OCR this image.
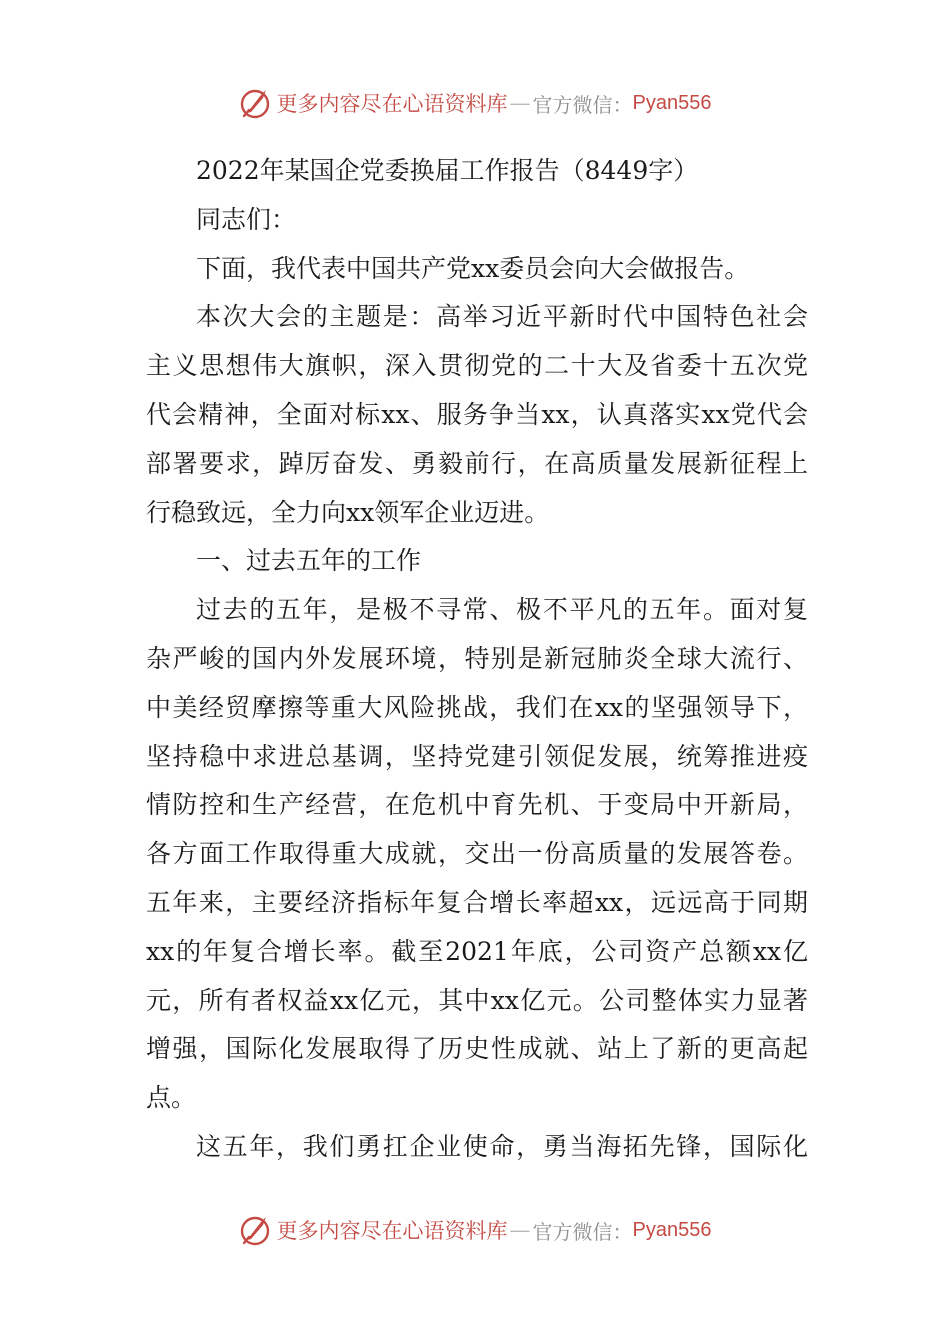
更多内容尽在心语资料库 — 官方微信： Pyan556
2022年某国企党委换届工作报告（8449字）
同志们：
下面，我代表中国共产党xx委员会向大会做报告。
本次大会的主题是：高举习近平新时代中国特色社会
主义思想伟大旗帜，深入贯彻党的二十大及省委十五次党
代会精神，全面对标xx、服务争当xx，认真落实xx党代会
部署要求，踔厉奋发、勇毅前行，在高质量发展新征程上
行稳致远，全力向xx领军企业迈进。
一、过去五年的工作
过去的五年，是极不寻常、极不平凡的五年。面对复
杂严峻的国内外发展环境，特别是新冠肺炎全球大流行、
中美经贸摩擦等重大风险挑战，我们在xx的坚强领导下，
坚持稳中求进总基调，坚持党建引领促发展，统筹推进疫
情防控和生产经营，在危机中育先机、于变局中开新局，
各方面工作取得重大成就，交出一份高质量的发展答卷。
五年来，主要经济指标年复合增长率超xx，远远高于同期
xx的年复合增长率。截至2021年底，公司资产总额xx亿
元，所有者权益xx亿元，其中xx亿元。公司整体实力显著
增强，国际化发展取得了历史性成就、站上了新的更高起
点。
这五年，我们勇扛企业使命，勇当海拓先锋，国际化
更多内容尽在心语资料库 — 官方微信： Pyan556
